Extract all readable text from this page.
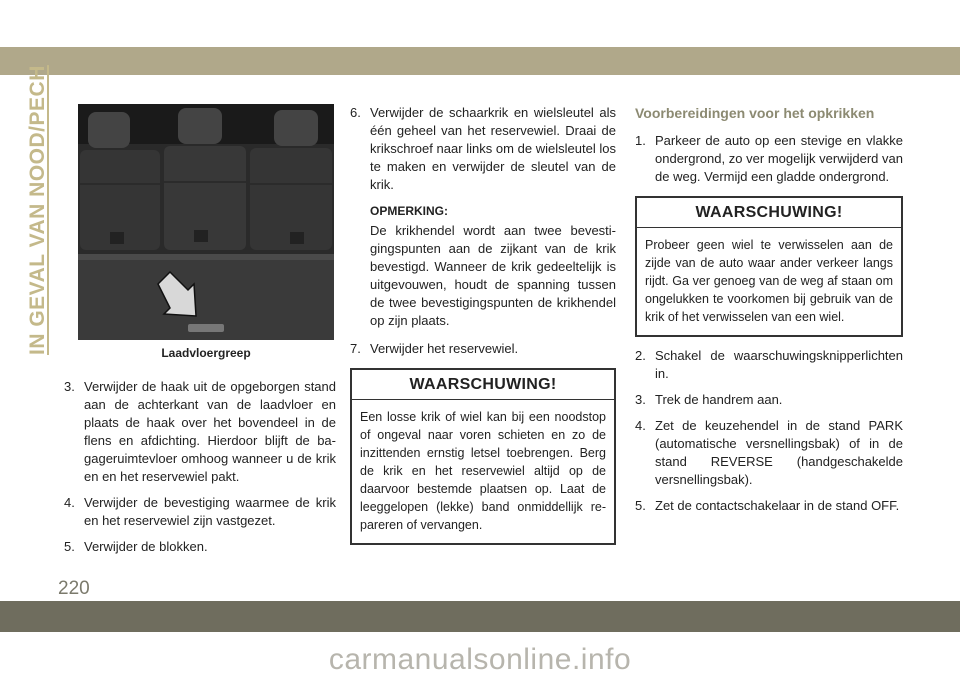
IN GEVAL VAN NOOD/PECH	Laadvloergreep
3. Verwijder de haak uit de opgeborgen stand aan de achterkant van de laadvloer en plaats de haak over het bovendeel in de flens en afdichting. Hierdoor blijft de ba-gageruimtevloer omhoog wanneer u de krik en en het reservewiel pakt.
4. Verwijder de bevestiging waarmee de krik en het reservewiel zijn vastgezet.
5. Verwijder de blokken.
6. Verwijder de schaarkrik en wielsleutel als één geheel van het reservewiel. Draai de krikschroef naar links om de wielsleutel los te maken en verwijder de sleutel van de krik.
OPMERKING:
De krikhendel wordt aan twee bevesti-gingspunten aan de zijkant van de krik bevestigd. Wanneer de krik gedeeltelijk is uitgevouwen, houdt de spanning tussen de twee bevestigingspunten de krikhendel op zijn plaats.
7. Verwijder het reservewiel.
WAARSCHUWING!
Een losse krik of wiel kan bij een noodstop of ongeval naar voren schieten en zo de inzittenden ernstig letsel toebrengen. Berg de krik en het reservewiel altijd op de daarvoor bestemde plaatsen op. Laat de leeggelopen (lekke) band onmiddellijk re-pareren of vervangen.
Voorbereidingen voor het opkrikken
1. Parkeer de auto op een stevige en vlakke ondergrond, zo ver mogelijk verwijderd van de weg. Vermijd een gladde ondergrond.
WAARSCHUWING!
Probeer geen wiel te verwisselen aan de zijde van de auto waar ander verkeer langs rijdt. Ga ver genoeg van de weg af staan om ongelukken te voorkomen bij gebruik van de krik of het verwisselen van een wiel.
2. Schakel de waarschuwingsknipperlichten in.
3. Trek de handrem aan.
4. Zet de keuzehendel in de stand PARK (automatische versnellingsbak) of in de stand REVERSE (handgeschakelde versnellingsbak).
5. Zet de contactschakelaar in de stand OFF.
220
carmanualsonline.info
